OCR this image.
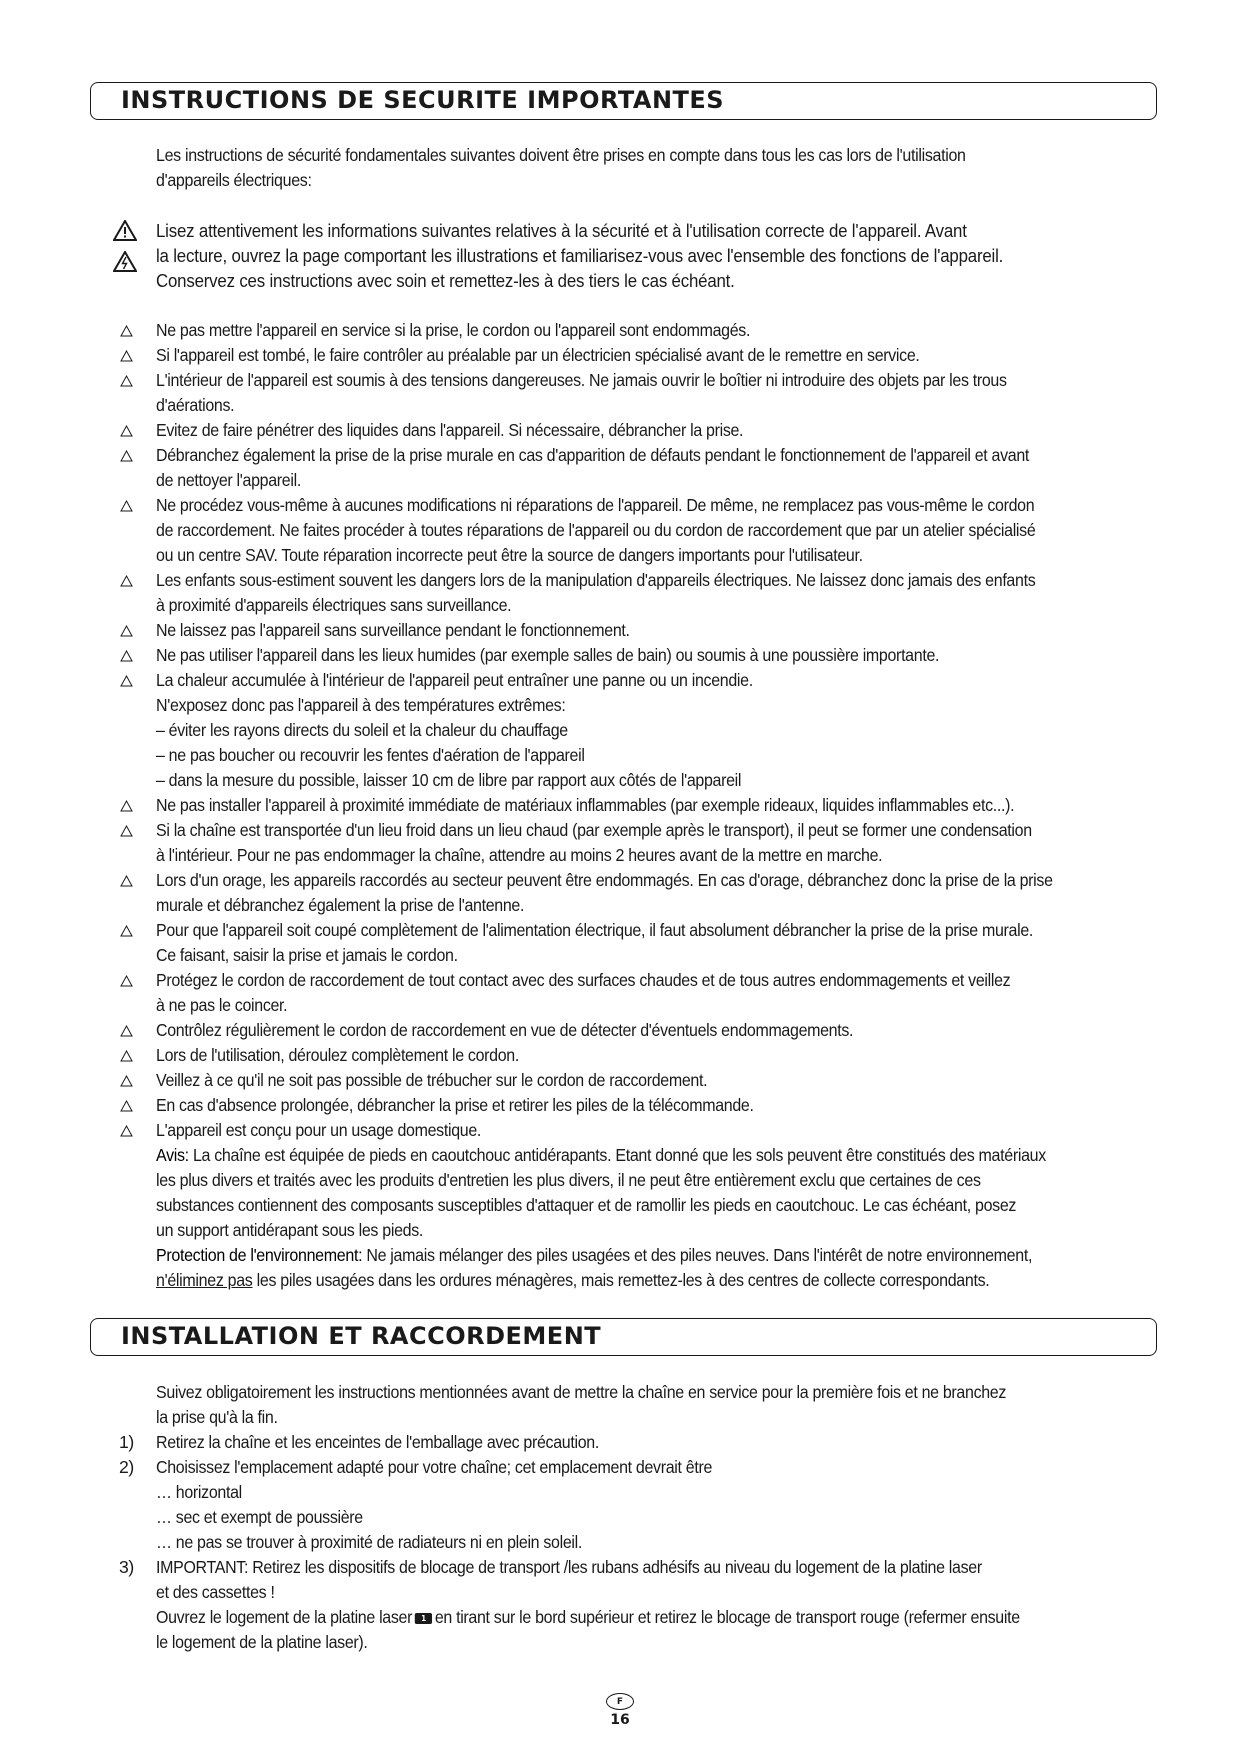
INSTRUCTIONS DE SECURITE IMPORTANTES
Les instructions de sécurité fondamentales suivantes doivent être prises en compte dans tous les cas lors de l'utilisation
d'appareils électriques:
Lisez attentivement les informations suivantes relatives à la sécurité et à l'utilisation correcte de l'appareil. Avant
la lecture, ouvrez la page comportant les illustrations et familiarisez-vous avec l'ensemble des fonctions de l'appareil.
Conservez ces instructions avec soin et remettez-les à des tiers le cas échéant.
Ne pas mettre l'appareil en service si la prise, le cordon ou l'appareil sont endommagés.
Si l'appareil est tombé, le faire contrôler au préalable par un électricien spécialisé avant de le remettre en service.
L'intérieur de l'appareil est soumis à des tensions dangereuses. Ne jamais ouvrir le boîtier ni introduire des objets par les trous
d'aérations.
Evitez de faire pénétrer des liquides dans l'appareil. Si nécessaire, débrancher la prise.
Débranchez également la prise de la prise murale en cas d'apparition de défauts pendant le fonctionnement de l'appareil et avant
de nettoyer l'appareil.
Ne procédez vous-même à aucunes modifications ni réparations de l'appareil. De même, ne remplacez pas vous-même le cordon
de raccordement. Ne faites procéder à toutes réparations de l'appareil ou du cordon de raccordement que par un atelier spécialisé
ou un centre SAV. Toute réparation incorrecte peut être la source de dangers importants pour l'utilisateur.
Les enfants sous-estiment souvent les dangers lors de la manipulation d'appareils électriques. Ne laissez donc jamais des enfants
à proximité d'appareils électriques sans surveillance.
Ne laissez pas l'appareil sans surveillance pendant le fonctionnement.
Ne pas utiliser l'appareil dans les lieux humides (par exemple salles de bain) ou soumis à une poussière importante.
La chaleur accumulée à l'intérieur de l'appareil peut entraîner une panne ou un incendie.
N'exposez donc pas l'appareil à des températures extrêmes:
– éviter les rayons directs du soleil et la chaleur du chauffage
– ne pas boucher ou recouvrir les fentes d'aération de l'appareil
– dans la mesure du possible, laisser 10 cm de libre par rapport aux côtés de l'appareil
Ne pas installer l'appareil à proximité immédiate de matériaux inflammables (par exemple rideaux, liquides inflammables etc...).
Si la chaîne est transportée d'un lieu froid dans un lieu chaud (par exemple après le transport), il peut se former une condensation
à l'intérieur. Pour ne pas endommager la chaîne, attendre au moins 2 heures avant de la mettre en marche.
Lors d'un orage, les appareils raccordés au secteur peuvent être endommagés. En cas d'orage, débranchez donc la prise de la prise
murale et débranchez également la prise de l'antenne.
Pour que l'appareil soit coupé complètement de l'alimentation électrique, il faut absolument débrancher la prise de la prise murale.
Ce faisant, saisir la prise et jamais le cordon.
Protégez le cordon de raccordement de tout contact avec des surfaces chaudes et de tous autres endommagements et veillez
à ne pas le coincer.
Contrôlez régulièrement le cordon de raccordement en vue de détecter d'éventuels endommagements.
Lors de l'utilisation, déroulez complètement le cordon.
Veillez à ce qu'il ne soit pas possible de trébucher sur le cordon de raccordement.
En cas d'absence prolongée, débrancher la prise et retirer les piles de la télécommande.
L'appareil est conçu pour un usage domestique.
Avis: La chaîne est équipée de pieds en caoutchouc antidérapants. Etant donné que les sols peuvent être constitués des matériaux
les plus divers et traités avec les produits d'entretien les plus divers, il ne peut être entièrement exclu que certaines de ces
substances contiennent des composants susceptibles d'attaquer et de ramollir les pieds en caoutchouc. Le cas échéant, posez
un support antidérapant sous les pieds.
Protection de l'environnement: Ne jamais mélanger des piles usagées et des piles neuves. Dans l'intérêt de notre environnement,
n'éliminez pas les piles usagées dans les ordures ménagères, mais remettez-les à des centres de collecte correspondants.
INSTALLATION ET RACCORDEMENT
Suivez obligatoirement les instructions mentionnées avant de mettre la chaîne en service pour la première fois et ne branchez
la prise qu'à la fin.
1) Retirez la chaîne et les enceintes de l'emballage avec précaution.
2) Choisissez l'emplacement adapté pour votre chaîne; cet emplacement devrait être
… horizontal
… sec et exempt de poussière
… ne pas se trouver à proximité de radiateurs ni en plein soleil.
3) IMPORTANT: Retirez les dispositifs de blocage de transport /les rubans adhésifs au niveau du logement de la platine laser
et des cassettes !
Ouvrez le logement de la platine laser 1 en tirant sur le bord supérieur et retirez le blocage de transport rouge (refermer ensuite
le logement de la platine laser).
F
16
